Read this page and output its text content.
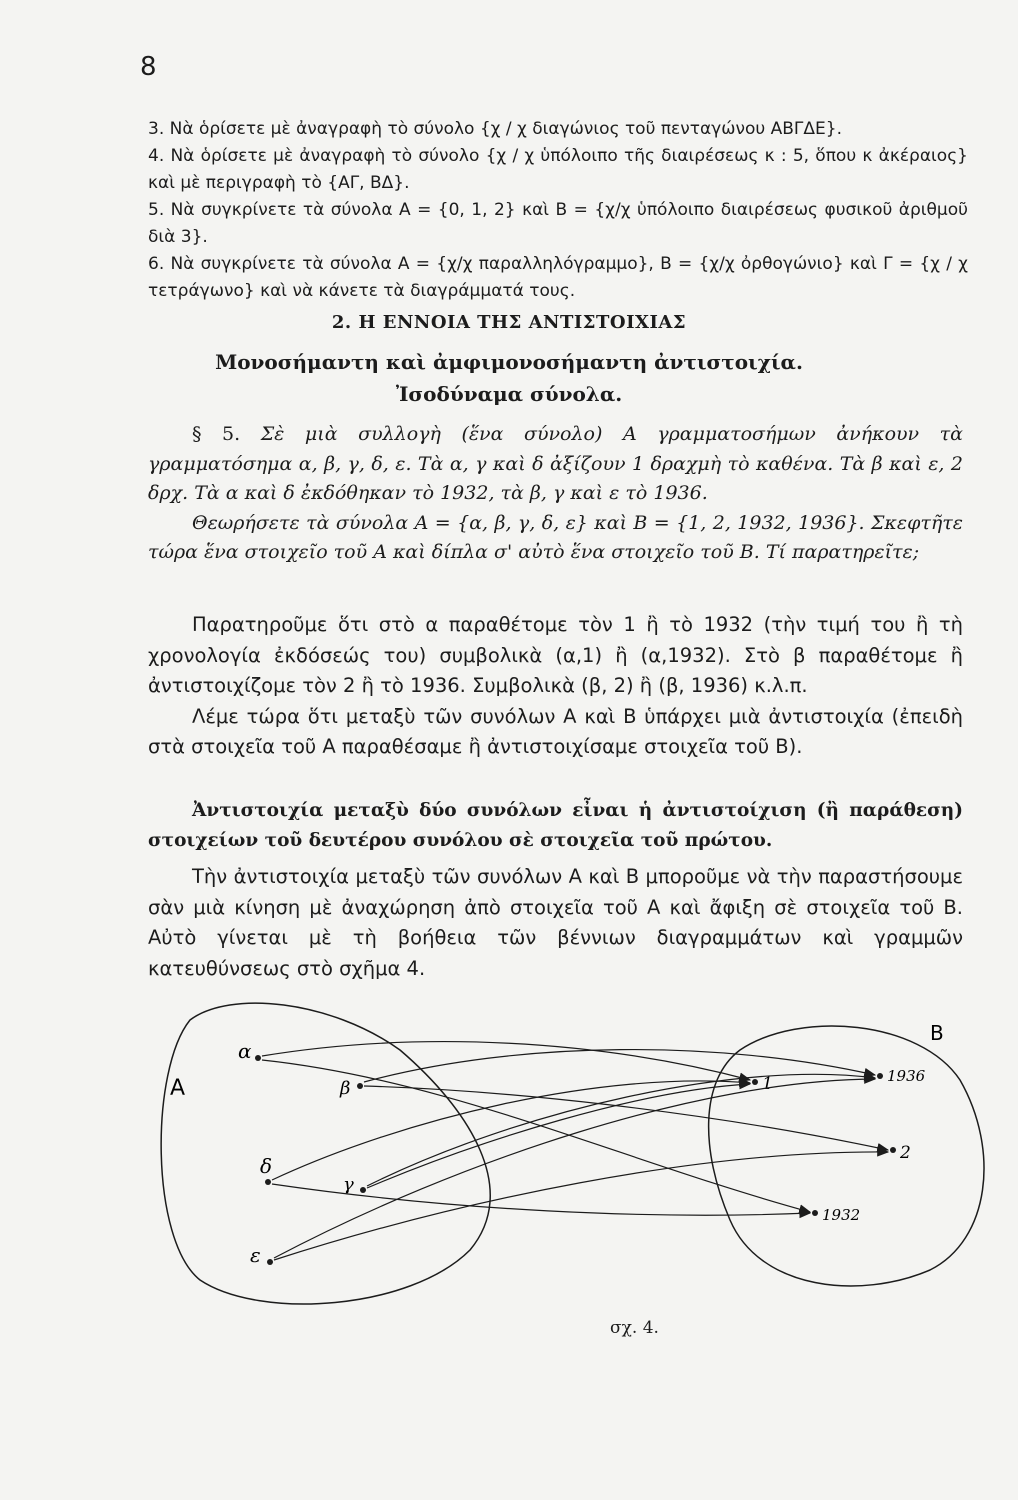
8

3. Νὰ ὁρίσετε μὲ ἀναγραφὴ τὸ σύνολο {χ / χ διαγώνιος τοῦ πενταγώνου ΑΒΓΔΕ}.

4. Νὰ ὁρίσετε μὲ ἀναγραφὴ τὸ σύνολο {χ / χ ὑπόλοιπο τῆς διαιρέσεως κ : 5, ὅπου κ ἀκέραιος} καὶ μὲ περιγραφὴ τὸ {ΑΓ, ΒΔ}.

5. Νὰ συγκρίνετε τὰ σύνολα Α = {0, 1, 2} καὶ Β = {χ/χ ὑπόλοιπο διαιρέσεως φυσικοῦ ἀριθμοῦ διὰ 3}.

6. Νὰ συγκρίνετε τὰ σύνολα Α = {χ/χ παραλληλόγραμμο}, Β = {χ/χ ὀρθογώνιο} καὶ Γ = {χ / χ τετράγωνο} καὶ νὰ κάνετε τὰ διαγράμματά τους.

2. Η ΕΝΝΟΙΑ ΤΗΣ ΑΝΤΙΣΤΟΙΧΙΑΣ
Μονοσήμαντη καὶ ἀμφιμονοσήμαντη ἀντιστοιχία.
Ἰσοδύναμα σύνολα.

§ 5. Σὲ μιὰ συλλογὴ (ἕνα σύνολο) Α γραμματοσήμων ἀνήκουν τὰ γραμματόσημα α, β, γ, δ, ε. Τὰ α, γ καὶ δ ἀξίζουν 1 δραχμὴ τὸ καθένα. Τὰ β καὶ ε, 2 δρχ. Τὰ α καὶ δ ἐκδόθηκαν τὸ 1932, τὰ β, γ καὶ ε τὸ 1936.

Θεωρήσετε τὰ σύνολα Α = {α, β, γ, δ, ε} καὶ Β = {1, 2, 1932, 1936}. Σκεφτῆτε τώρα ἕνα στοιχεῖο τοῦ Α καὶ δίπλα σ' αὐτὸ ἕνα στοιχεῖο τοῦ Β. Τί παρατηρεῖτε;

Παρατηροῦμε ὅτι στὸ α παραθέτομε τὸν 1 ἢ τὸ 1932 (τὴν τιμή του ἢ τὴ χρονολογία ἐκδόσεώς του) συμβολικὰ (α,1) ἢ (α,1932). Στὸ β παραθέτομε ἢ ἀντιστοιχίζομε τὸν 2 ἢ τὸ 1936. Συμβολικὰ (β, 2) ἢ (β, 1936) κ.λ.π.

Λέμε τώρα ὅτι μεταξὺ τῶν συνόλων Α καὶ Β ὑπάρχει μιὰ ἀντιστοιχία (ἐπειδὴ στὰ στοιχεῖα τοῦ Α παραθέσαμε ἢ ἀντιστοιχίσαμε στοιχεῖα τοῦ Β).

Ἀντιστοιχία μεταξὺ δύο συνόλων εἶναι ἡ ἀντιστοίχιση (ἢ παράθεση) στοιχείων τοῦ δευτέρου συνόλου σὲ στοιχεῖα τοῦ πρώτου.

Τὴν ἀντιστοιχία μεταξὺ τῶν συνόλων Α καὶ Β μποροῦμε νὰ τὴν παραστήσουμε σὰν μιὰ κίνηση μὲ ἀναχώρηση ἀπὸ στοιχεῖα τοῦ Α καὶ ἄφιξη σὲ στοιχεῖα τοῦ Β. Αὐτὸ γίνεται μὲ τὴ βοήθεια τῶν βέννιων διαγραμμάτων καὶ γραμμῶν κατευθύνσεως στὸ σχῆμα 4.

Α
Β
α
β
δ
γ
ε
1	1936
2
1932
σχ. 4.
